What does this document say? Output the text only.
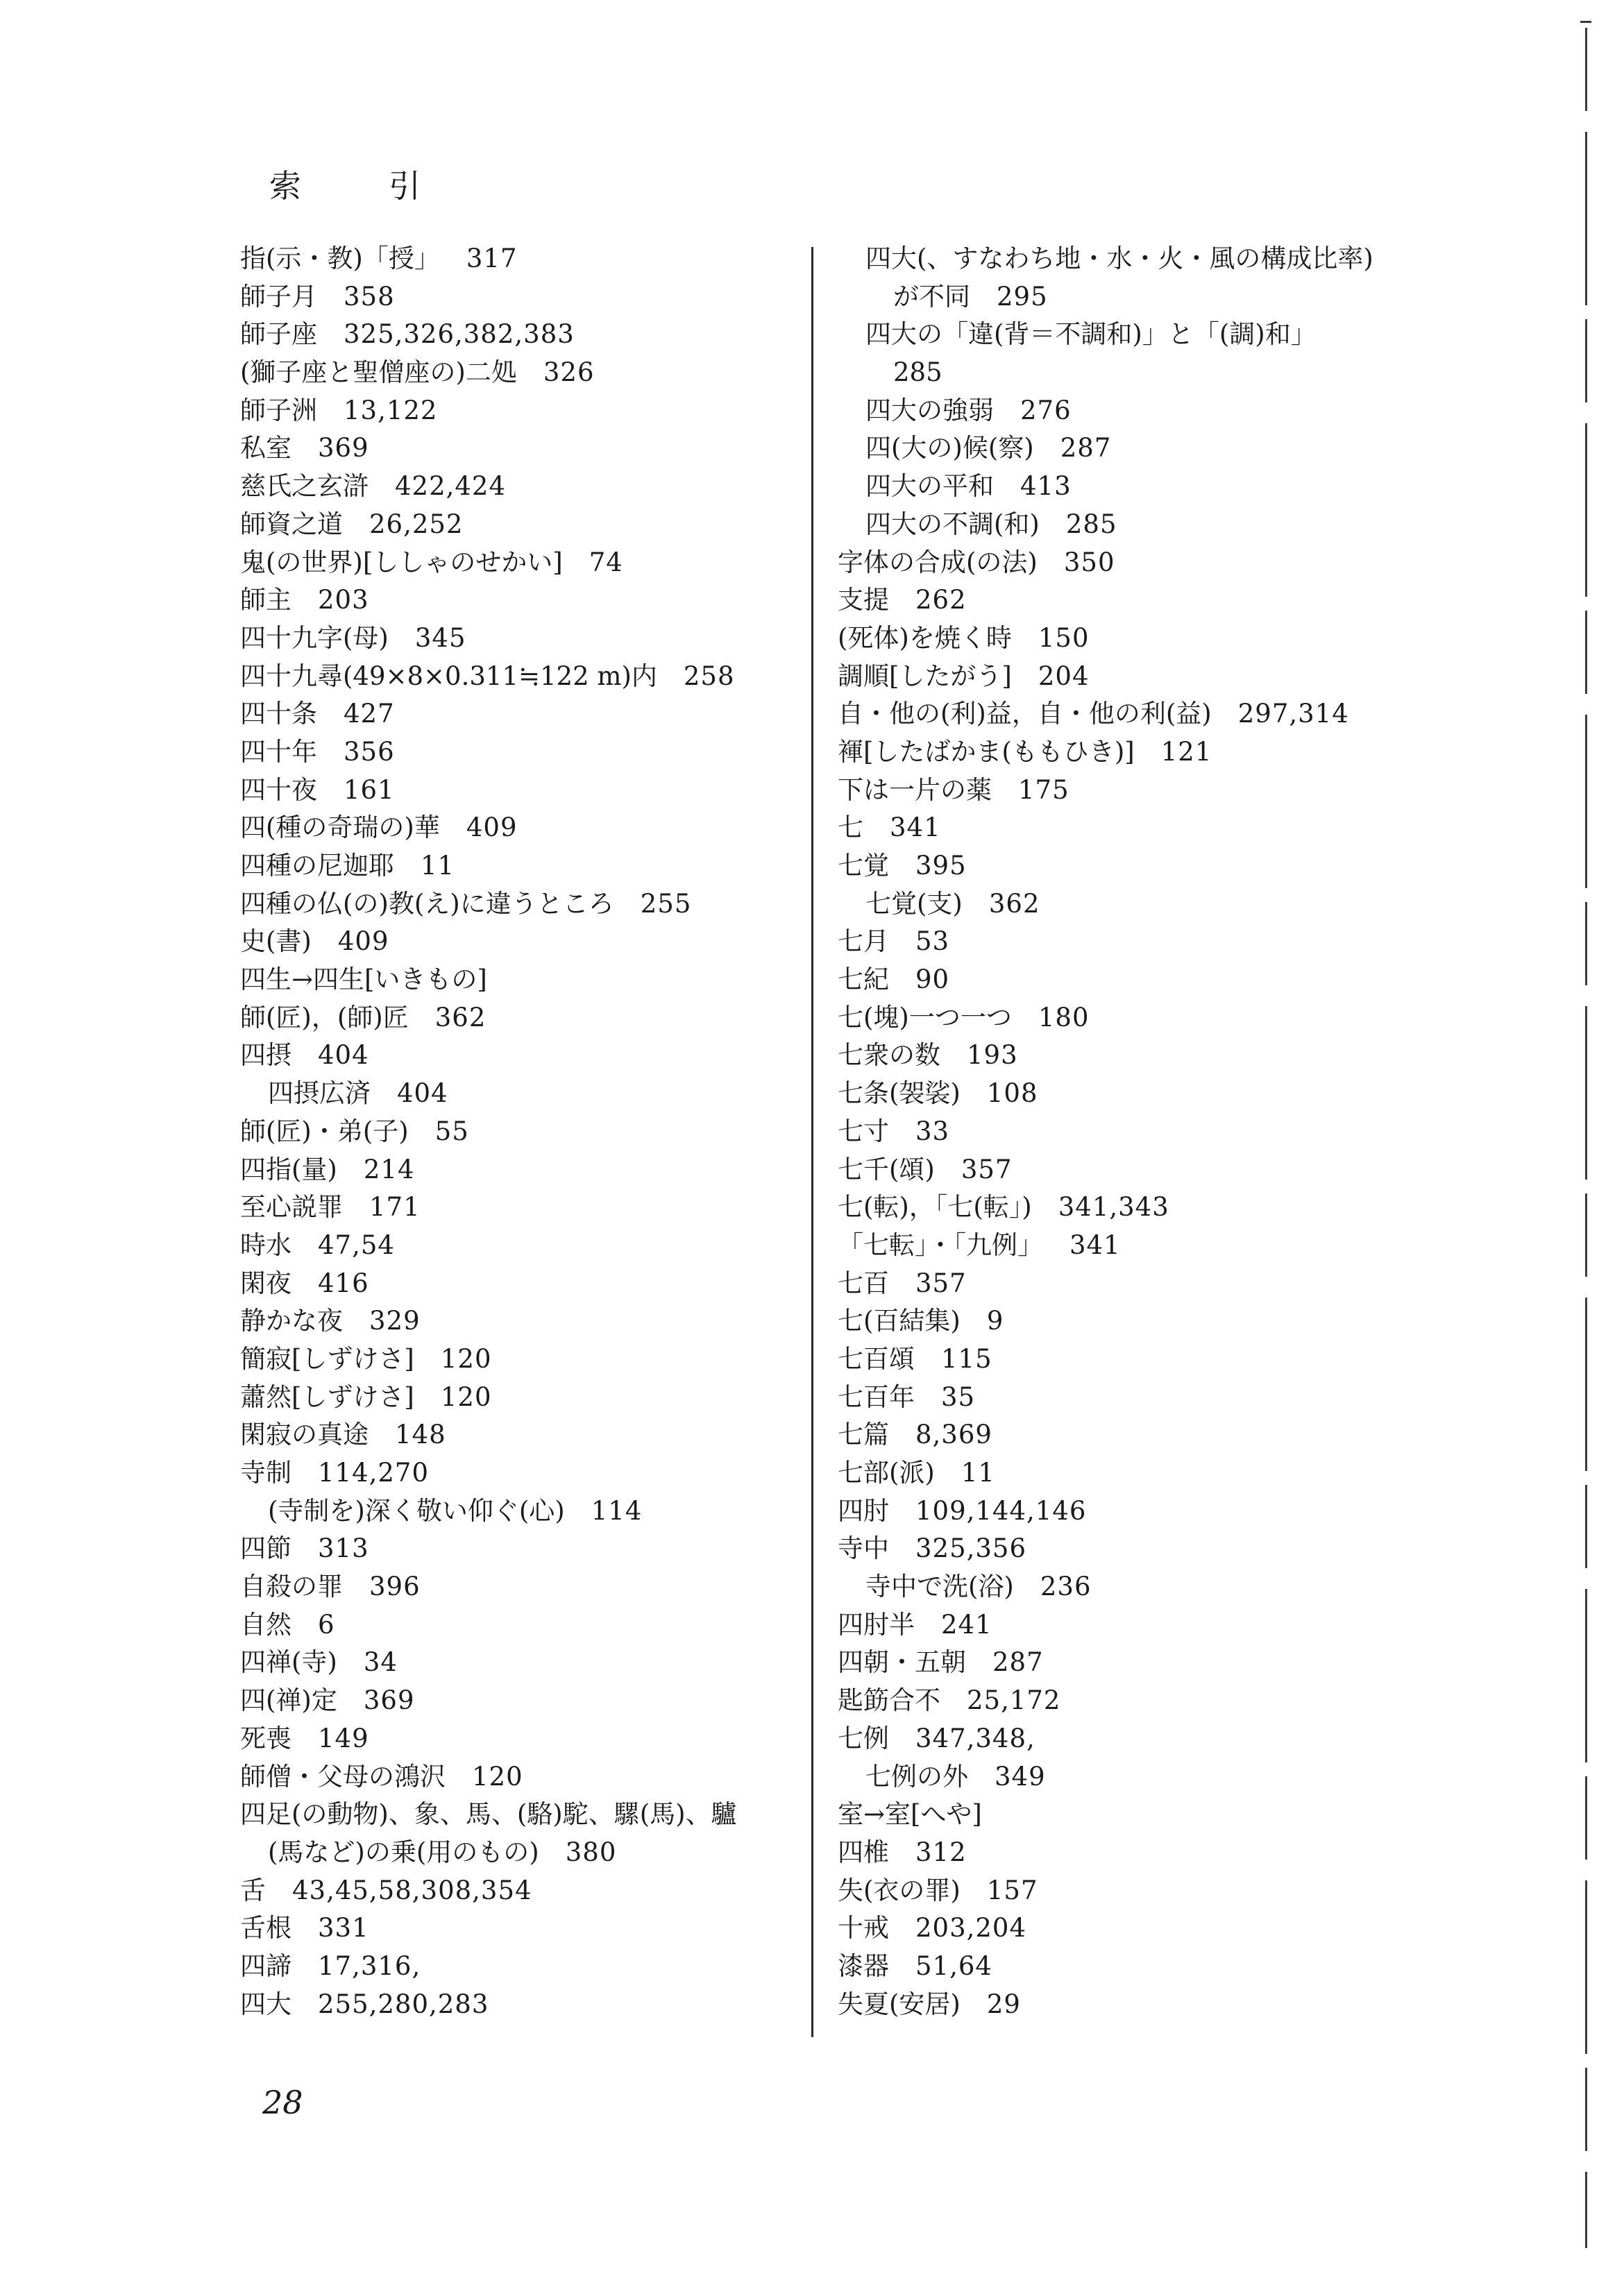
索　引
指(示・教)「授」 317
師子月 358
師子座 325,326,382,383
(獅子座と聖僧座の)二処 326
師子洲 13,122
私室 369
慈氏之玄滸 422,424
師資之道 26,252
鬼(の世界)[ししゃのせかい] 74
師主 203
四十九字(母) 345
四十九尋(49×8×0.311≒122 m)内 258
四十条 427
四十年 356
四十夜 161
四(種の奇瑞の)華 409
四種の尼迦耶 11
四種の仏(の)教(え)に違うところ 255
史(書) 409
四生→四生[いきもの]
師(匠)，(師)匠 362
四摂 404
四摂広済 404
師(匠)・弟(子) 55
四指(量) 214
至心説罪 171
時水 47,54
閑夜 416
静かな夜 329
簡寂[しずけさ] 120
蕭然[しずけさ] 120
閑寂の真途 148
寺制 114,270
(寺制を)深く敬い仰ぐ(心) 114
四節 313
自殺の罪 396
自然 6
四禅(寺) 34
四(禅)定 369
死喪 149
師僧・父母の鴻沢 120
四足(の動物)、象、馬、(駱)駝、騾(馬)、驢
(馬など)の乗(用のもの) 380
舌 43,45,58,308,354
舌根 331
四諦 17,316,
四大 255,280,283
四大(、すなわち地・水・火・風の構成比率)
が不同 295
四大の「違(背＝不調和)」と「(調)和」
285
四大の強弱 276
四(大の)候(察) 287
四大の平和 413
四大の不調(和) 285
字体の合成(の法) 350
支提 262
(死体)を焼く時 150
調順[したがう] 204
自・他の(利)益，自・他の利(益) 297,314
褌[したばかま(ももひき)] 121
下は一片の薬 175
七 341
七覚 395
七覚(支) 362
七月 53
七紀 90
七(塊)一つ一つ 180
七衆の数 193
七条(袈裟) 108
七寸 33
七千(頌) 357
七(転)，「七(転」) 341,343
「七転」・「九例」 341
七百 357
七(百結集) 9
七百頌 115
七百年 35
七篇 8,369
七部(派) 11
四肘 109,144,146
寺中 325,356
寺中で洗(浴) 236
四肘半 241
四朝・五朝 287
匙筯合不 25,172
七例 347,348,
七例の外 349
室→室[へや]
四椎 312
失(衣の罪) 157
十戒 203,204
漆器 51,64
失夏(安居) 29
28
